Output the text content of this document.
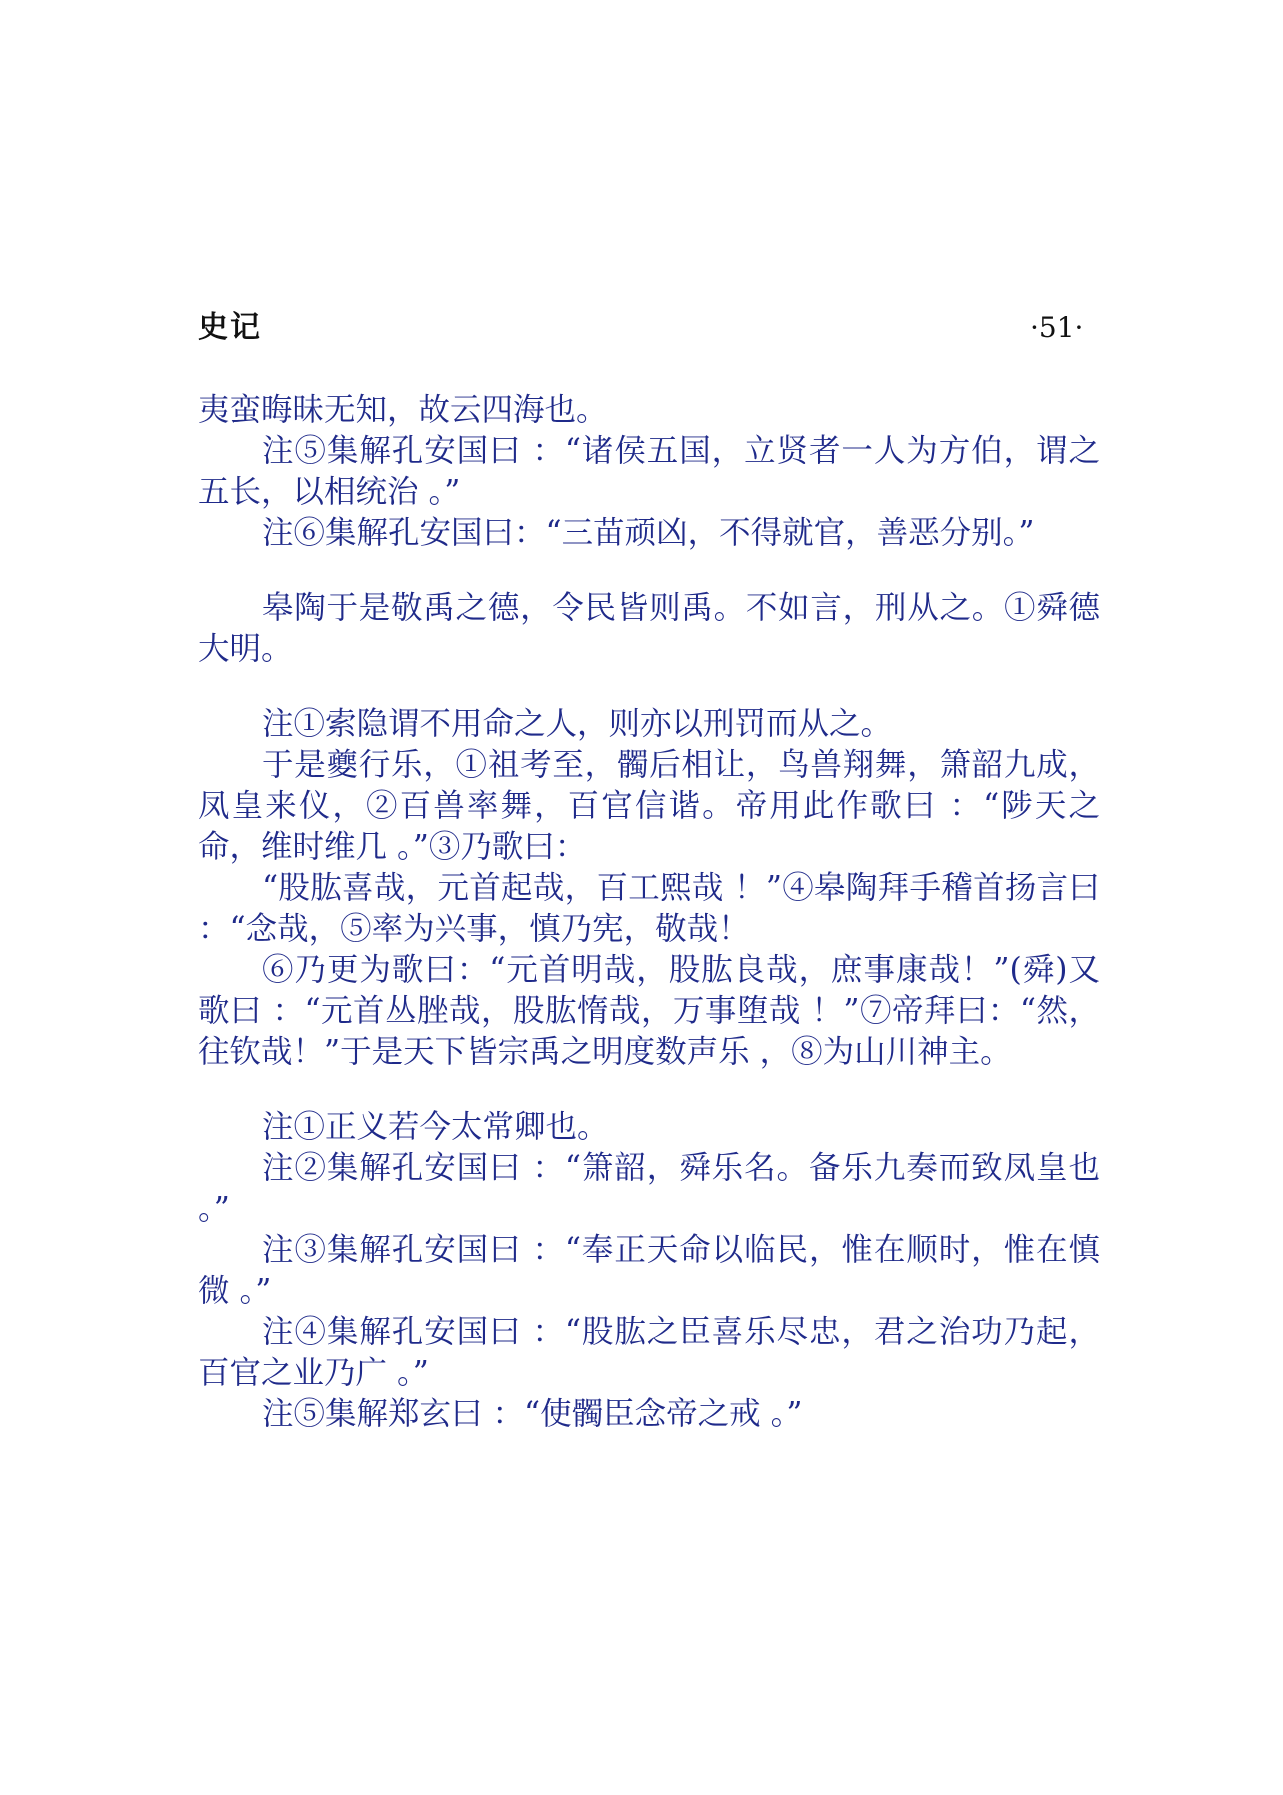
史记	·51·

夷蛮晦昧无知，故云四海也。

注⑤集解孔安国曰 ：“诸侯五国，立贤者一人为方伯，谓之五长，以相统治 。”

注⑥集解孔安国曰：“三苗顽凶，不得就官，善恶分别。”

皋陶于是敬禹之德，令民皆则禹。不如言，刑从之。①舜德大明。

注①索隐谓不用命之人，则亦以刑罚而从之。

于是夔行乐，①祖考至，髑后相让，鸟兽翔舞，箫韶九成，凤皇来仪，②百兽率舞，百官信谐。帝用此作歌曰 ：“陟天之命，维时维几 。”③乃歌曰：

“股肱喜哉，元首起哉，百工熙哉 ！”④皋陶拜手稽首扬言曰 ：“念哉，⑤率为兴事，慎乃宪，敬哉！

⑥乃更为歌曰：“元首明哉，股肱良哉，庶事康哉！”(舜)又歌曰 ：“元首丛脞哉，股肱惰哉，万事堕哉 ！”⑦帝拜曰：“然，往钦哉！”于是天下皆宗禹之明度数声乐 ，⑧为山川神主。

注①正义若今太常卿也。

注②集解孔安国曰 ：“箫韶，舜乐名。备乐九奏而致凤皇也 。”

注③集解孔安国曰 ：“奉正天命以临民，惟在顺时，惟在慎微 。”

注④集解孔安国曰 ：“股肱之臣喜乐尽忠，君之治功乃起，百官之业乃广 。”

注⑤集解郑玄曰 ：“使髑臣念帝之戒 。”
